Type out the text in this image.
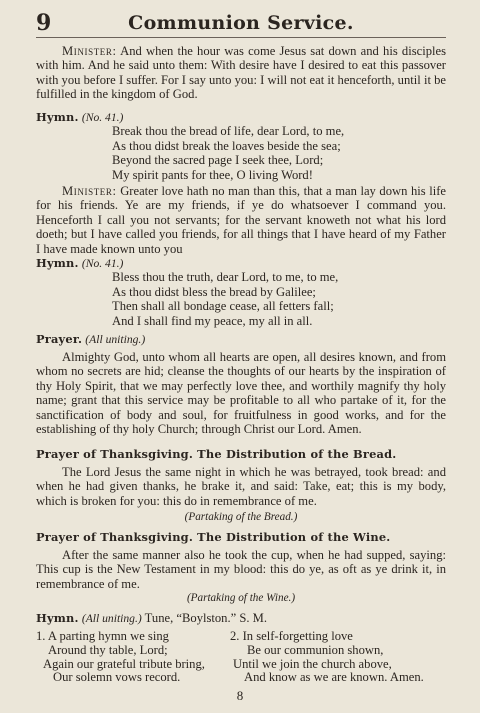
9	Communion Service.
Minister: And when the hour was come Jesus sat down and his disciples with him. And he said unto them: With desire have I desired to eat this passover with you before I suffer. For I say unto you: I will not eat it henceforth, until it be fulfilled in the kingdom of God.
Hymn. (No. 41.)
Break thou the bread of life, dear Lord, to me,
As thou didst break the loaves beside the sea;
Beyond the sacred page I seek thee, Lord;
My spirit pants for thee, O living Word!
Minister: Greater love hath no man than this, that a man lay down his life for his friends. Ye are my friends, if ye do whatsoever I command you. Henceforth I call you not servants; for the servant knoweth not what his lord doeth; but I have called you friends, for all things that I have heard of my Father I have made known unto you
Hymn. (No. 41.)
Bless thou the truth, dear Lord, to me, to me,
As thou didst bless the bread by Galilee;
Then shall all bondage cease, all fetters fall;
And I shall find my peace, my all in all.
Prayer. (All uniting.)
Almighty God, unto whom all hearts are open, all desires known, and from whom no secrets are hid; cleanse the thoughts of our hearts by the inspiration of thy Holy Spirit, that we may perfectly love thee, and worthily magnify thy holy name; grant that this service may be profitable to all who partake of it, for the sanctification of body and soul, for fruitfulness in good works, and for the establishing of thy holy Church; through Christ our Lord. Amen.
Prayer of Thanksgiving. The Distribution of the Bread.
The Lord Jesus the same night in which he was betrayed, took bread: and when he had given thanks, he brake it, and said: Take, eat; this is my body, which is broken for you: this do in remembrance of me.
(Partaking of the Bread.)
Prayer of Thanksgiving. The Distribution of the Wine.
After the same manner also he took the cup, when he had supped, saying: This cup is the New Testament in my blood: this do ye, as oft as ye drink it, in remembrance of me.
(Partaking of the Wine.)
Hymn. (All uniting.) Tune, “Boylston.” S. M.
1. A parting hymn we sing
Around thy table, Lord;
Again our grateful tribute bring,
Our solemn vows record.
2. In self-forgetting love
Be our communion shown,
Until we join the church above,
And know as we are known. Amen.
8
